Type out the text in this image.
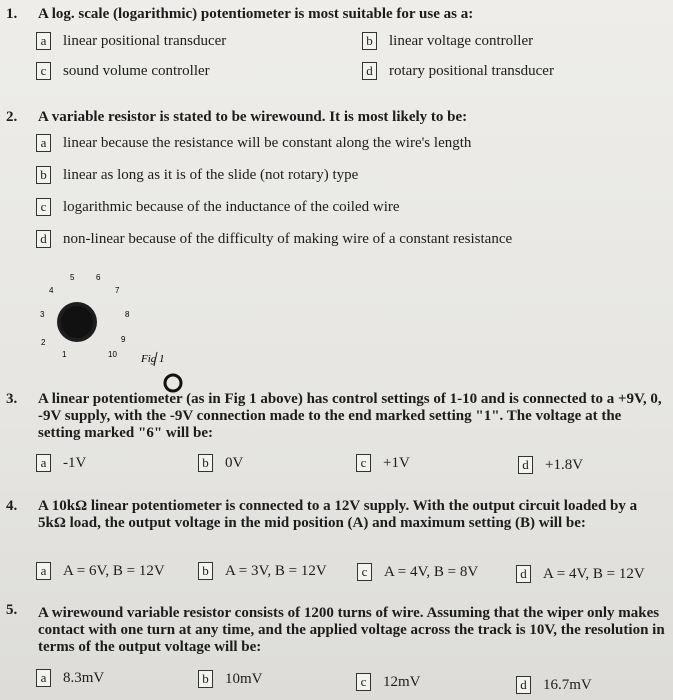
1. A log. scale (logarithmic) potentiometer is most suitable for use as a:
a	linear positional transducer	b linear voltage controller
c	sound volume controller	d rotary positional transducer
2. A variable resistor is stated to be wirewound. It is most likely to be:
a	linear because the resistance will be constant along the wire's length
b linear as long as it is of the slide (not rotary) type
c	logarithmic because of the inductance of the coiled wire
d non-linear because of the difficulty of making wire of a constant resistance
1
2
3
4
5	6
7
8
9
10 Fig 1
3. A linear potentiometer (as in Fig 1 above) has control settings of 1-10 and is connected to a +9V, 0, -9V supply, with the -9V connection made to the end marked setting "1". The voltage at the setting marked "6" will be:
a	-1V	b 0V	c	+1V	d +1.8V
4. A 10kΩ linear potentiometer is connected to a 12V supply. With the output circuit loaded by a 5kΩ load, the output voltage in the mid position (A) and maximum setting (B) will be:
a	A = 6V, B = 12V	b A = 3V, B = 12V	c	A = 4V, B = 8V	d A = 4V, B = 12V
5. A wirewound variable resistor consists of 1200 turns of wire. Assuming that the wiper only makes contact with one turn at any time, and the applied voltage across the track is 10V, the resolution in terms of the output voltage will be:
a	8.3mV	b 10mV	c	12mV	d 16.7mV
